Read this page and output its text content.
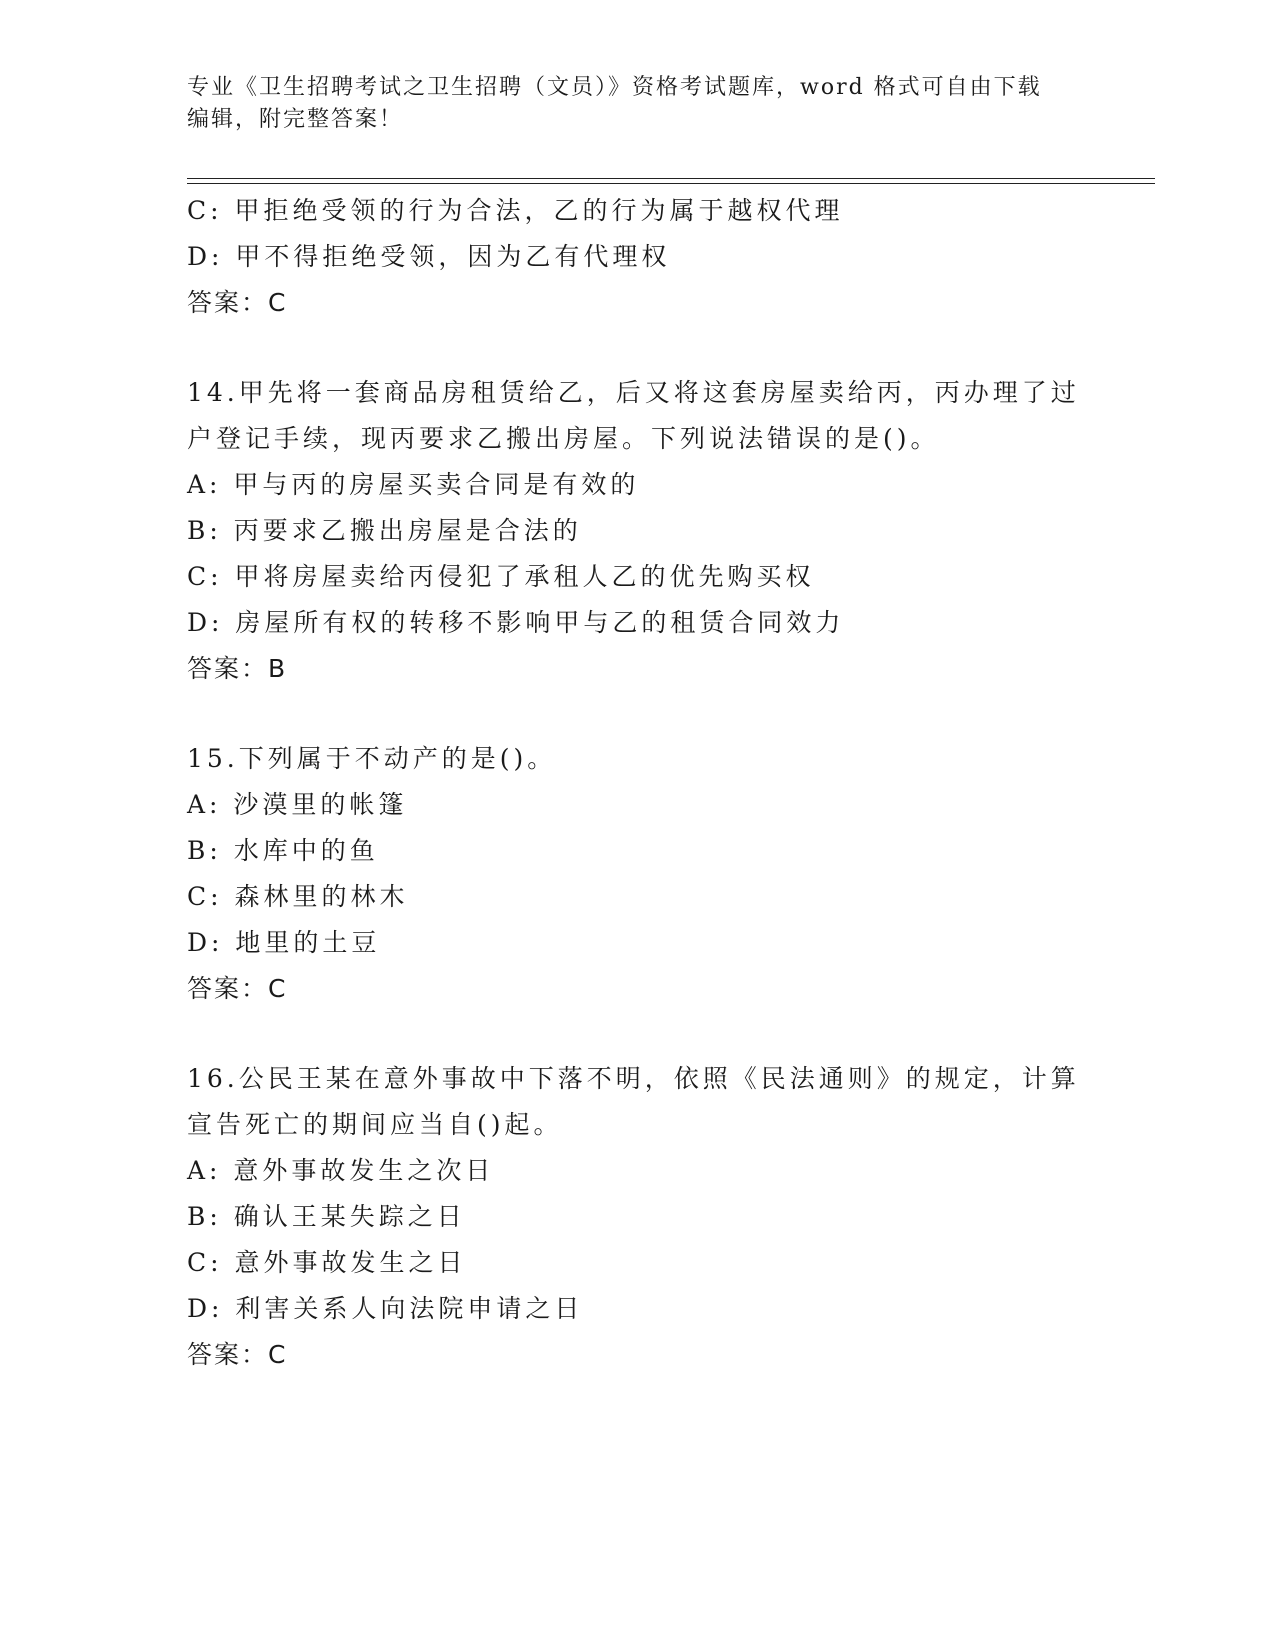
专业《卫生招聘考试之卫生招聘（文员）》资格考试题库，word 格式可自由下载
编辑，附完整答案！
C: 甲拒绝受领的行为合法，乙的行为属于越权代理
D: 甲不得拒绝受领，因为乙有代理权
答案：C
14.甲先将一套商品房租赁给乙，后又将这套房屋卖给丙，丙办理了过
户登记手续，现丙要求乙搬出房屋。下列说法错误的是()。
A: 甲与丙的房屋买卖合同是有效的
B: 丙要求乙搬出房屋是合法的
C: 甲将房屋卖给丙侵犯了承租人乙的优先购买权
D: 房屋所有权的转移不影响甲与乙的租赁合同效力
答案：B
15.下列属于不动产的是()。
A: 沙漠里的帐篷
B: 水库中的鱼
C: 森林里的林木
D: 地里的土豆
答案：C
16.公民王某在意外事故中下落不明，依照《民法通则》的规定，计算
宣告死亡的期间应当自()起。
A: 意外事故发生之次日
B: 确认王某失踪之日
C: 意外事故发生之日
D: 利害关系人向法院申请之日
答案：C
